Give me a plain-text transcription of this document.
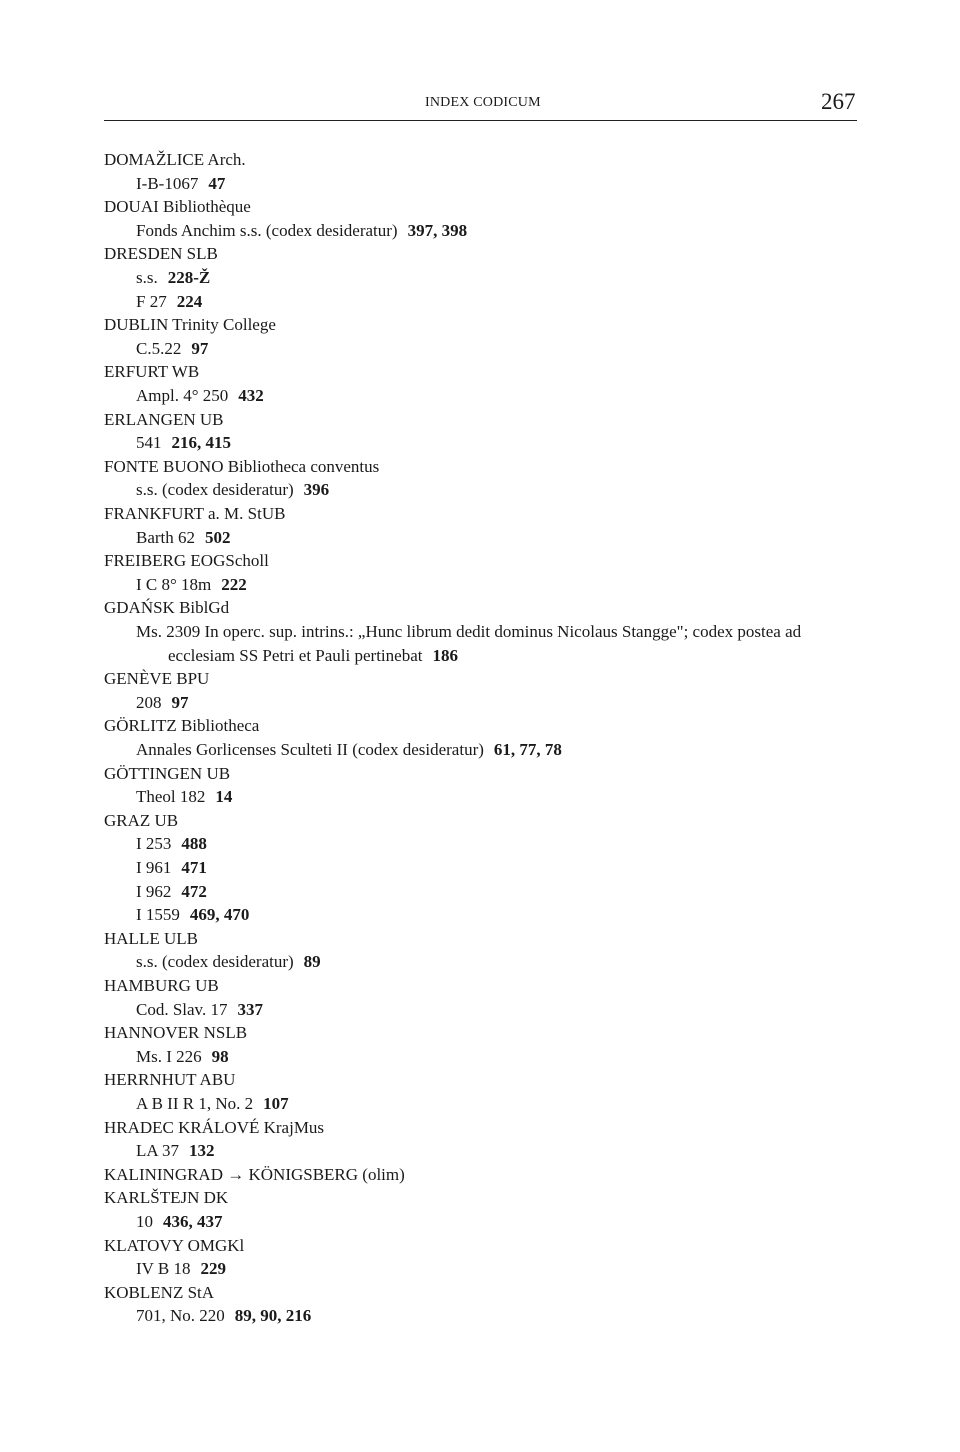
INDEX CODICUM	267
DOMAŽLICE Arch.
I-B-1067 47
DOUAI Bibliothèque
Fonds Anchim s.s. (codex desideratur) 397, 398
DRESDEN SLB
s.s. 228-Ž
F 27 224
DUBLIN Trinity College
C.5.22 97
ERFURT WB
Ampl. 4° 250 432
ERLANGEN UB
541 216, 415
FONTE BUONO Bibliotheca conventus
s.s. (codex desideratur) 396
FRANKFURT a. M. StUB
Barth 62 502
FREIBERG EOGScholl
I C 8° 18m 222
GDAŃSK BiblGd
Ms. 2309 In operc. sup. intrins.: „Hunc librum dedit dominus Nicolaus Stangge"; codex postea ad
ecclesiam SS Petri et Pauli pertinebat 186
GENÈVE BPU
208 97
GÖRLITZ Bibliotheca
Annales Gorlicenses Sculteti II (codex desideratur) 61, 77, 78
GÖTTINGEN UB
Theol 182 14
GRAZ UB
I 253 488
I 961 471
I 962 472
I 1559 469, 470
HALLE ULB
s.s. (codex desideratur) 89
HAMBURG UB
Cod. Slav. 17 337
HANNOVER NSLB
Ms. I 226 98
HERRNHUT ABU
A B II R 1, No. 2 107
HRADEC KRÁLOVÉ KrajMus
LA 37 132
KALININGRAD → KÖNIGSBERG (olim)
KARLŠTEJN DK
10 436, 437
KLATOVY OMGKl
IV B 18 229
KOBLENZ StA
701, No. 220 89, 90, 216
